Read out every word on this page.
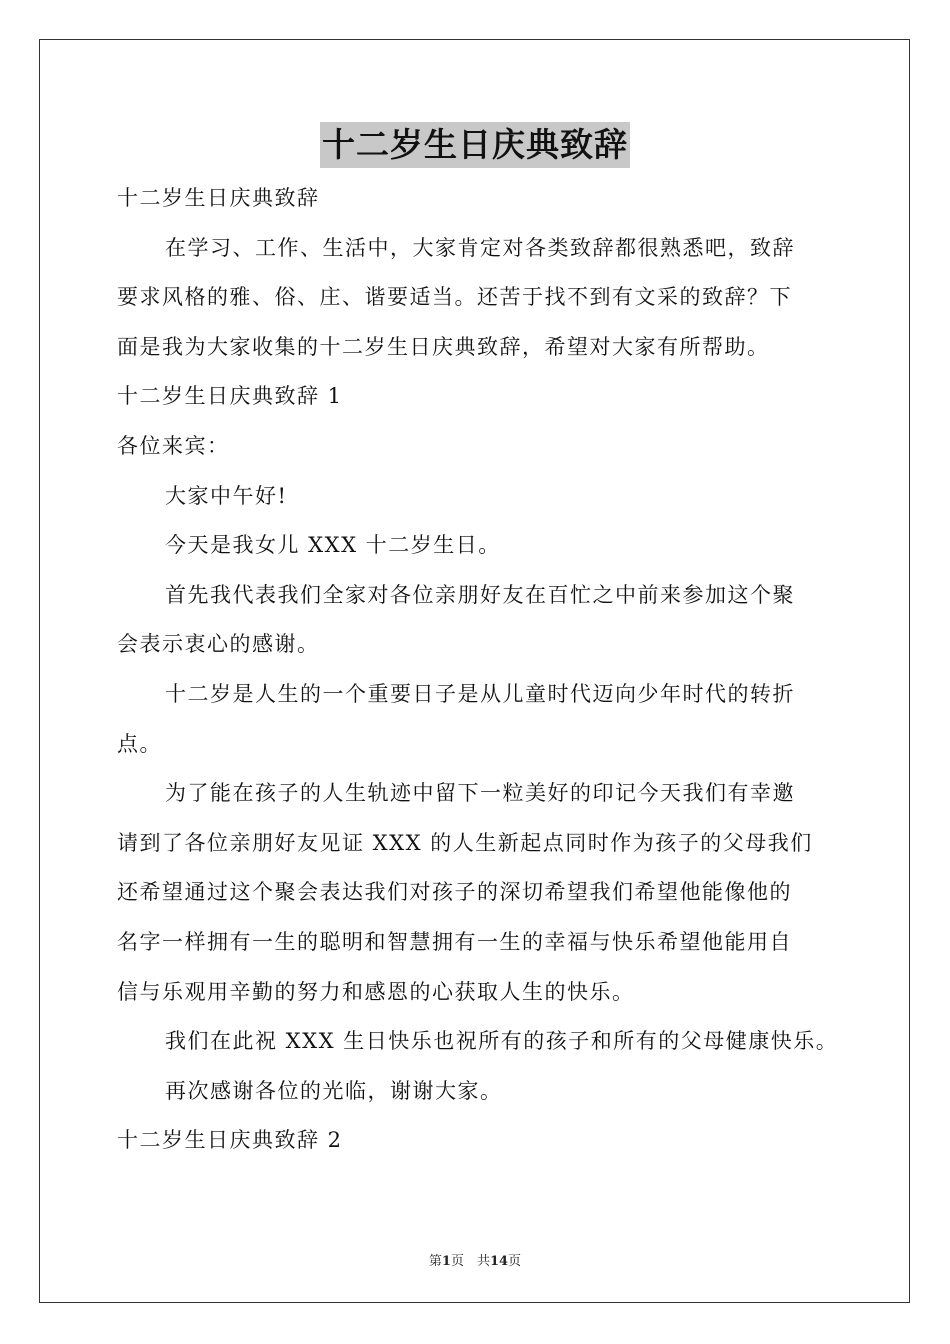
十二岁生日庆典致辞
十二岁生日庆典致辞
在学习、工作、生活中，大家肯定对各类致辞都很熟悉吧，致辞
要求风格的雅、俗、庄、谐要适当。还苦于找不到有文采的致辞？下
面是我为大家收集的十二岁生日庆典致辞，希望对大家有所帮助。
十二岁生日庆典致辞 1
各位来宾：
大家中午好!
今天是我女儿 XXX 十二岁生日。
首先我代表我们全家对各位亲朋好友在百忙之中前来参加这个聚
会表示衷心的感谢。
十二岁是人生的一个重要日子是从儿童时代迈向少年时代的转折
点。
为了能在孩子的人生轨迹中留下一粒美好的印记今天我们有幸邀
请到了各位亲朋好友见证 XXX 的人生新起点同时作为孩子的父母我们
还希望通过这个聚会表达我们对孩子的深切希望我们希望他能像他的
名字一样拥有一生的聪明和智慧拥有一生的幸福与快乐希望他能用自
信与乐观用辛勤的努力和感恩的心获取人生的快乐。
我们在此祝 XXX 生日快乐也祝所有的孩子和所有的父母健康快乐。
再次感谢各位的光临，谢谢大家。
十二岁生日庆典致辞 2
第1页　共14页
